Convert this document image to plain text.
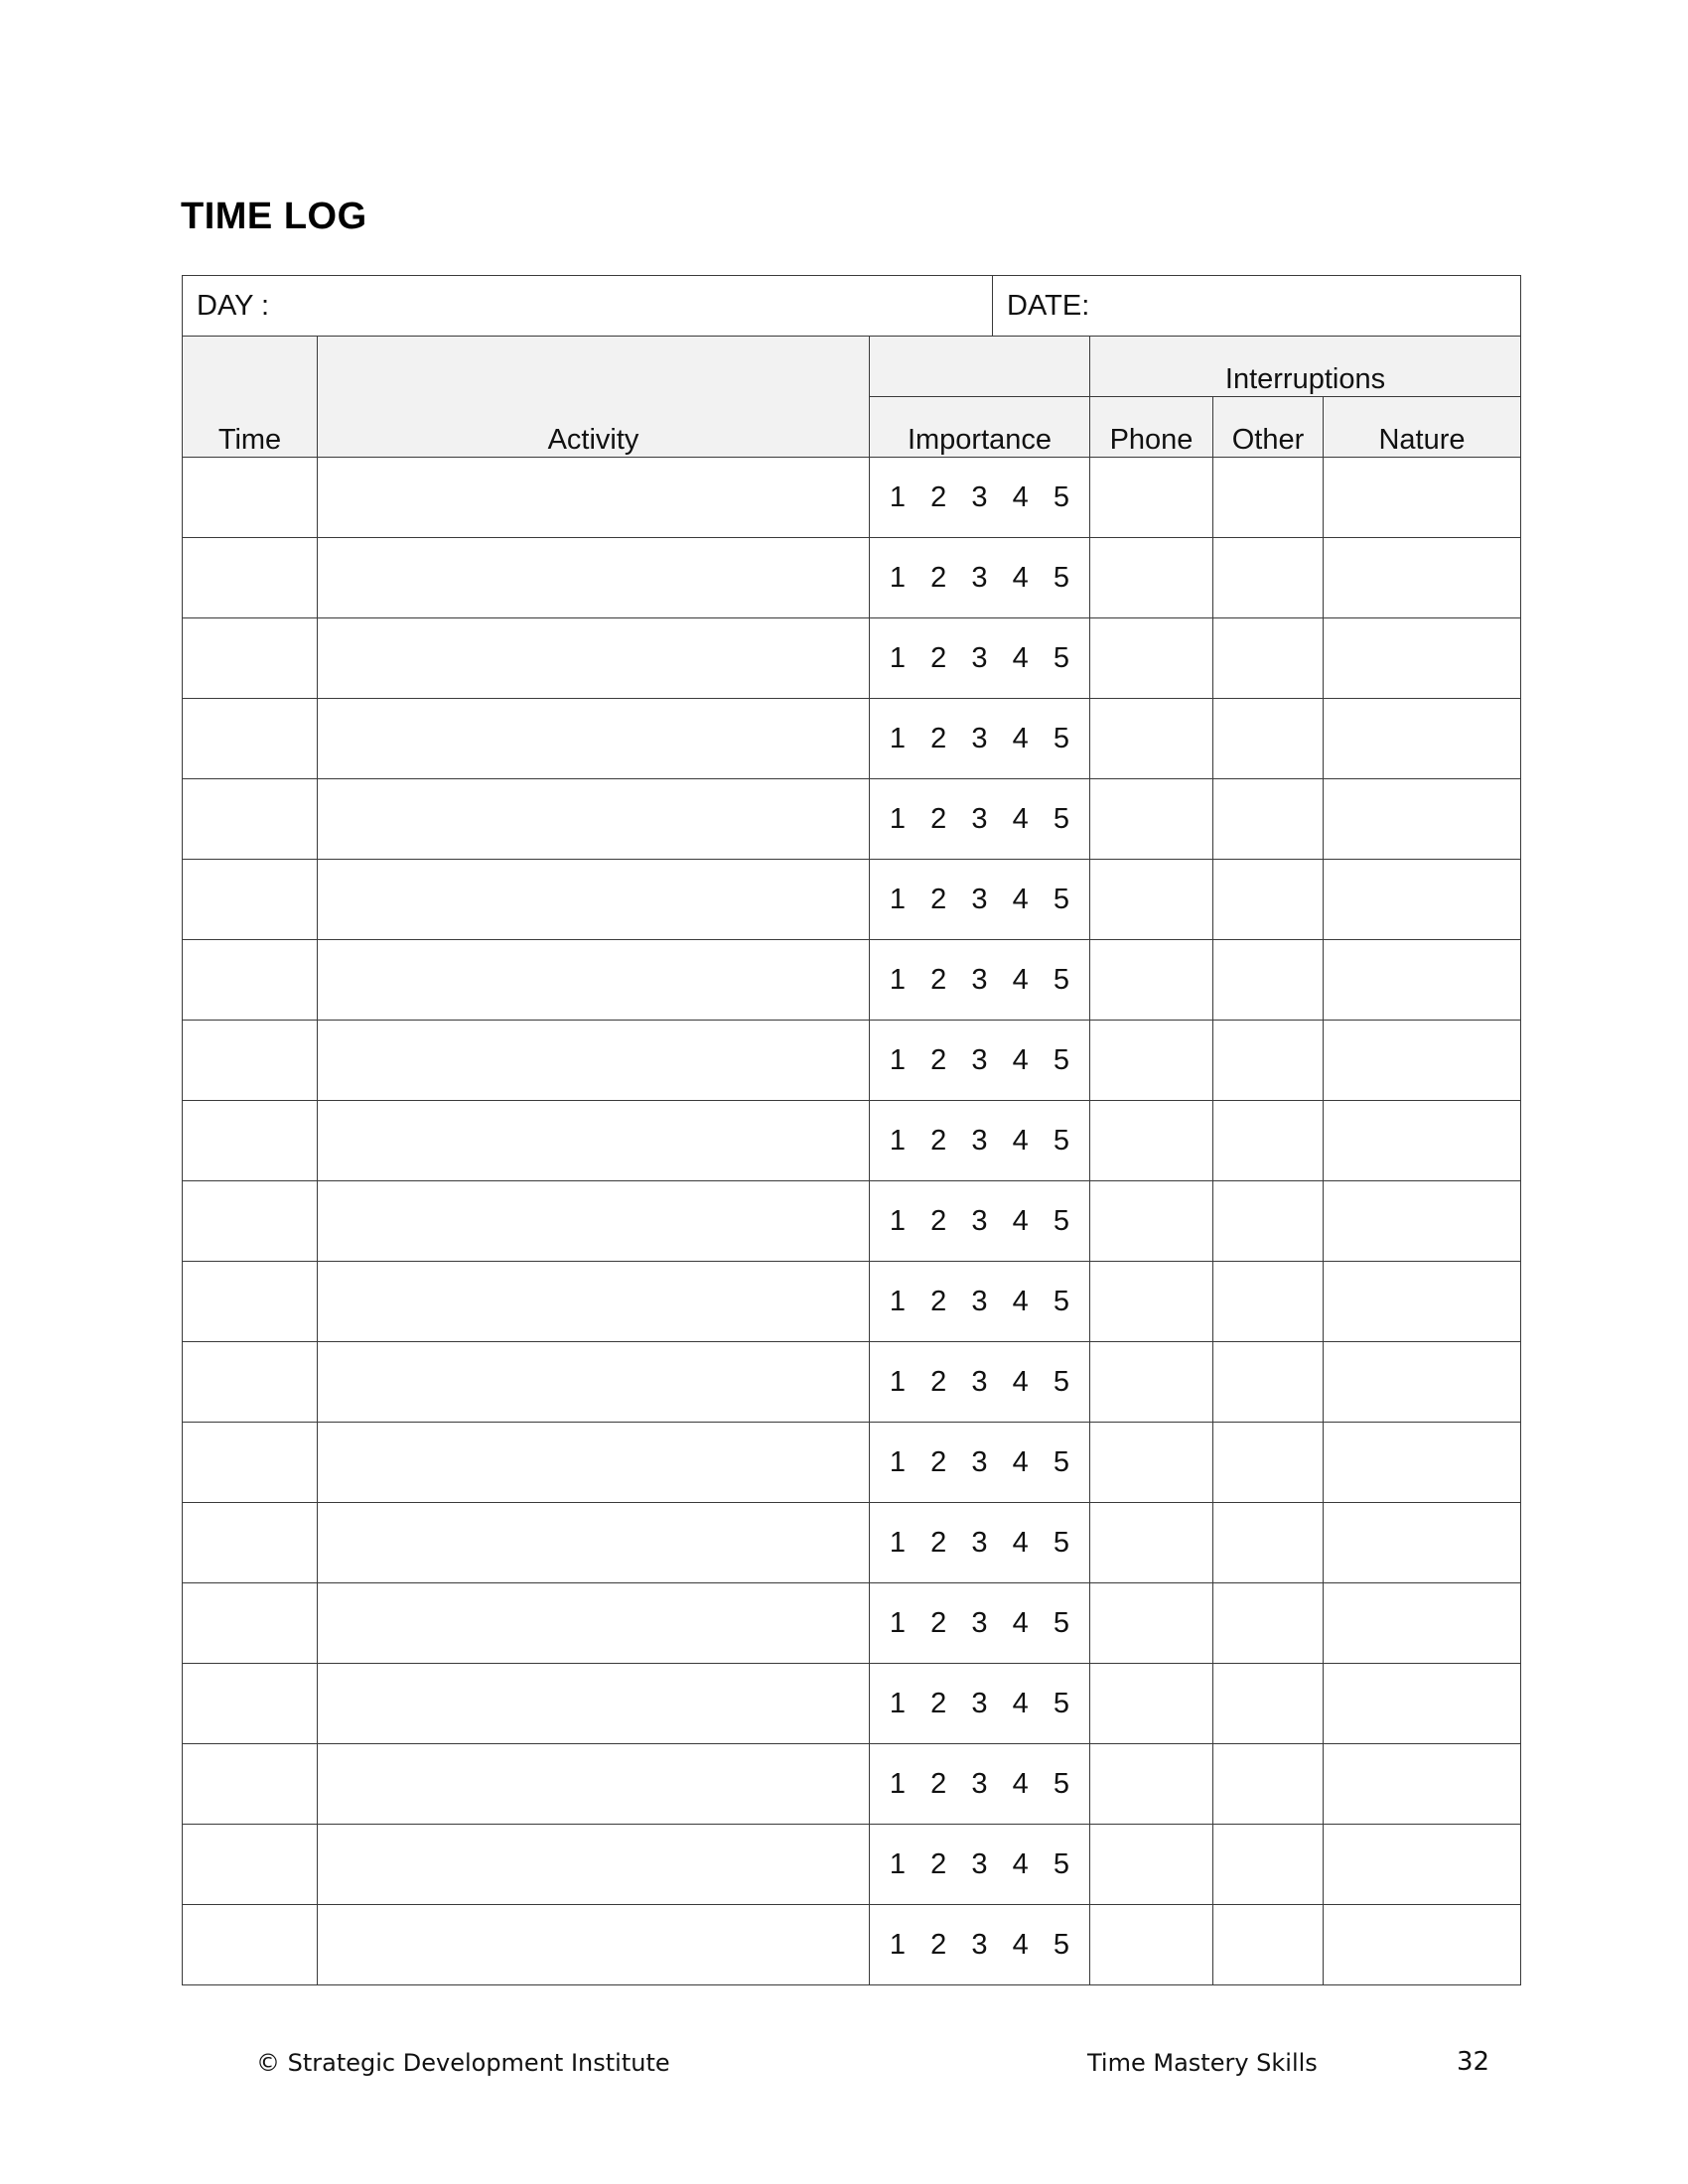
TIME LOG
DAY : DATE:					

Time	Activity		Interruptions		
		Importance	Phone	Other	Nature

		1 2 3 4 5			

		1 2 3 4 5			

		1 2 3 4 5			

		1 2 3 4 5			

		1 2 3 4 5			

		1 2 3 4 5			

		1 2 3 4 5			

		1 2 3 4 5			

		1 2 3 4 5			

		1 2 3 4 5			

		1 2 3 4 5			

		1 2 3 4 5			

		1 2 3 4 5			

		1 2 3 4 5			

		1 2 3 4 5			

		1 2 3 4 5			

		1 2 3 4 5			

		1 2 3 4 5			

		1 2 3 4 5			

© Strategic Development Institute	Time Mastery Skills	32
